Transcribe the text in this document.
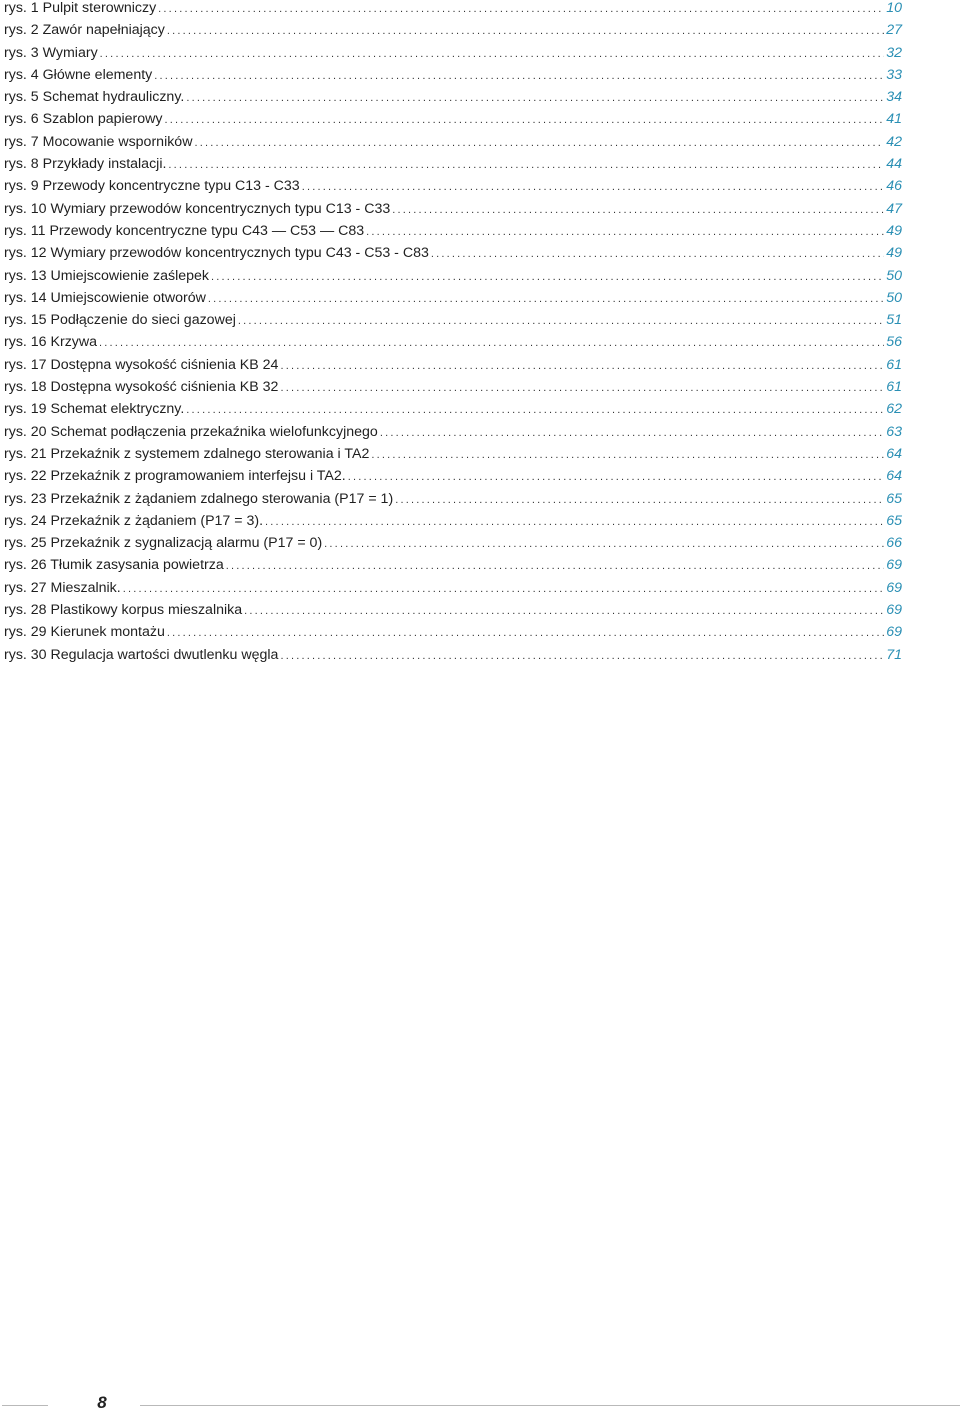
rys. 1 Pulpit sterowniczy .....	10
rys. 2 Zawór napełniający .....	27
rys. 3 Wymiary .....	32
rys. 4 Główne elementy .....	33
rys. 5 Schemat hydrauliczny. .....	34
rys. 6 Szablon papierowy .....	41
rys. 7 Mocowanie wsporników .....	42
rys. 8 Przykłady instalacji. .....	44
rys. 9 Przewody koncentryczne typu C13 - C33 .....	46
rys. 10 Wymiary przewodów koncentrycznych typu C13 - C33 .....	47
rys. 11 Przewody koncentryczne typu C43 — C53 — C83 .....	49
rys. 12 Wymiary przewodów koncentrycznych typu C43 - C53 - C83 .....	49
rys. 13 Umiejscowienie zaślepek .....	50
rys. 14 Umiejscowienie otworów .....	50
rys. 15 Podłączenie do sieci gazowej .....	51
rys. 16 Krzywa .....	56
rys. 17 Dostępna wysokość ciśnienia KB 24 .....	61
rys. 18 Dostępna wysokość ciśnienia KB 32 .....	61
rys. 19 Schemat elektryczny. .....	62
rys. 20 Schemat podłączenia przekaźnika wielofunkcyjnego .....	63
rys. 21 Przekaźnik z systemem zdalnego sterowania i TA2 .....	64
rys. 22 Przekaźnik z programowaniem interfejsu i TA2. .....	64
rys. 23 Przekaźnik z żądaniem zdalnego sterowania (P17 = 1) .....	65
rys. 24 Przekaźnik z żądaniem (P17 = 3). .....	65
rys. 25 Przekaźnik z sygnalizacją alarmu (P17 = 0) .....	66
rys. 26 Tłumik zasysania powietrza .....	69
rys. 27 Mieszalnik. .....	69
rys. 28 Plastikowy korpus mieszalnika .....	69
rys. 29 Kierunek montażu .....	69
rys. 30 Regulacja wartości dwutlenku węgla .....	71
8
